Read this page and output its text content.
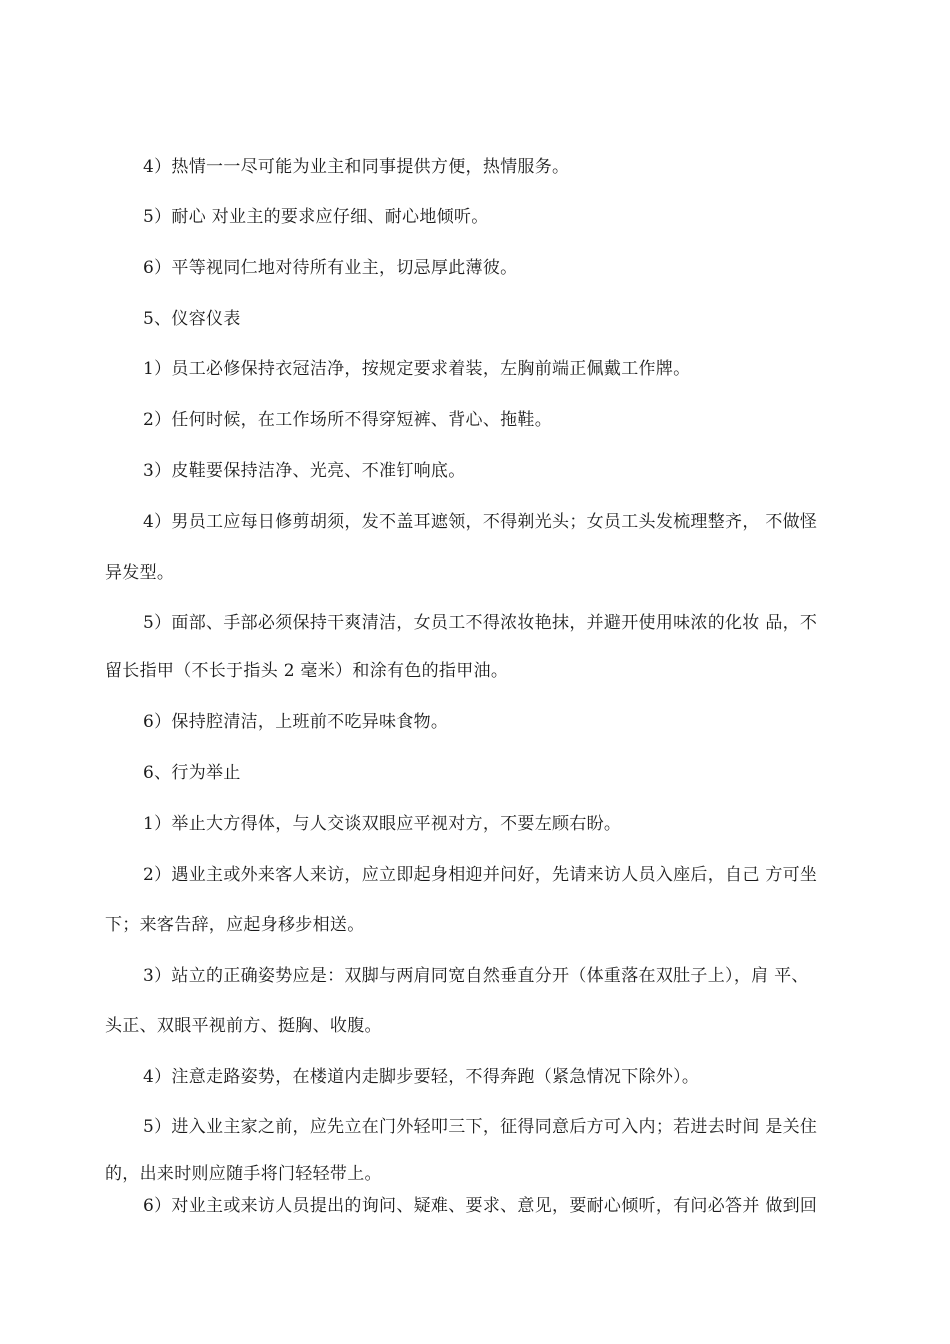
4）热情一一尽可能为业主和同事提供方便，热情服务。
5）耐心 对业主的要求应仔细、耐心地倾听。
6）平等视同仁地对待所有业主，切忌厚此薄彼。
5、仪容仪表
1）员工必修保持衣冠洁净，按规定要求着装，左胸前端正佩戴工作牌。
2）任何时候，在工作场所不得穿短裤、背心、拖鞋。
3）皮鞋要保持洁净、光亮、不准钉响底。
4）男员工应每日修剪胡须，发不盖耳遮领，不得剃光头；女员工头发梳理整齐， 不做怪
异发型。
5）面部、手部必须保持干爽清洁，女员工不得浓妆艳抹，并避开使用味浓的化妆 品，不
留长指甲（不长于指头 2 毫米）和涂有色的指甲油。
6）保持腔清洁，上班前不吃异味食物。
6、行为举止
1）举止大方得体，与人交谈双眼应平视对方，不要左顾右盼。
2）遇业主或外来客人来访，应立即起身相迎并问好，先请来访人员入座后，自己 方可坐
下；来客告辞，应起身移步相送。
3）站立的正确姿势应是：双脚与两肩同宽自然垂直分开（体重落在双肚子上），肩 平、
头正、双眼平视前方、挺胸、收腹。
4）注意走路姿势，在楼道内走脚步要轻，不得奔跑（紧急情况下除外）。
5）进入业主家之前，应先立在门外轻叩三下，征得同意后方可入内；若进去时间 是关住
的，出来时则应随手将门轻轻带上。
6）对业主或来访人员提出的询问、疑难、要求、意见，要耐心倾听，有问必答并 做到回
